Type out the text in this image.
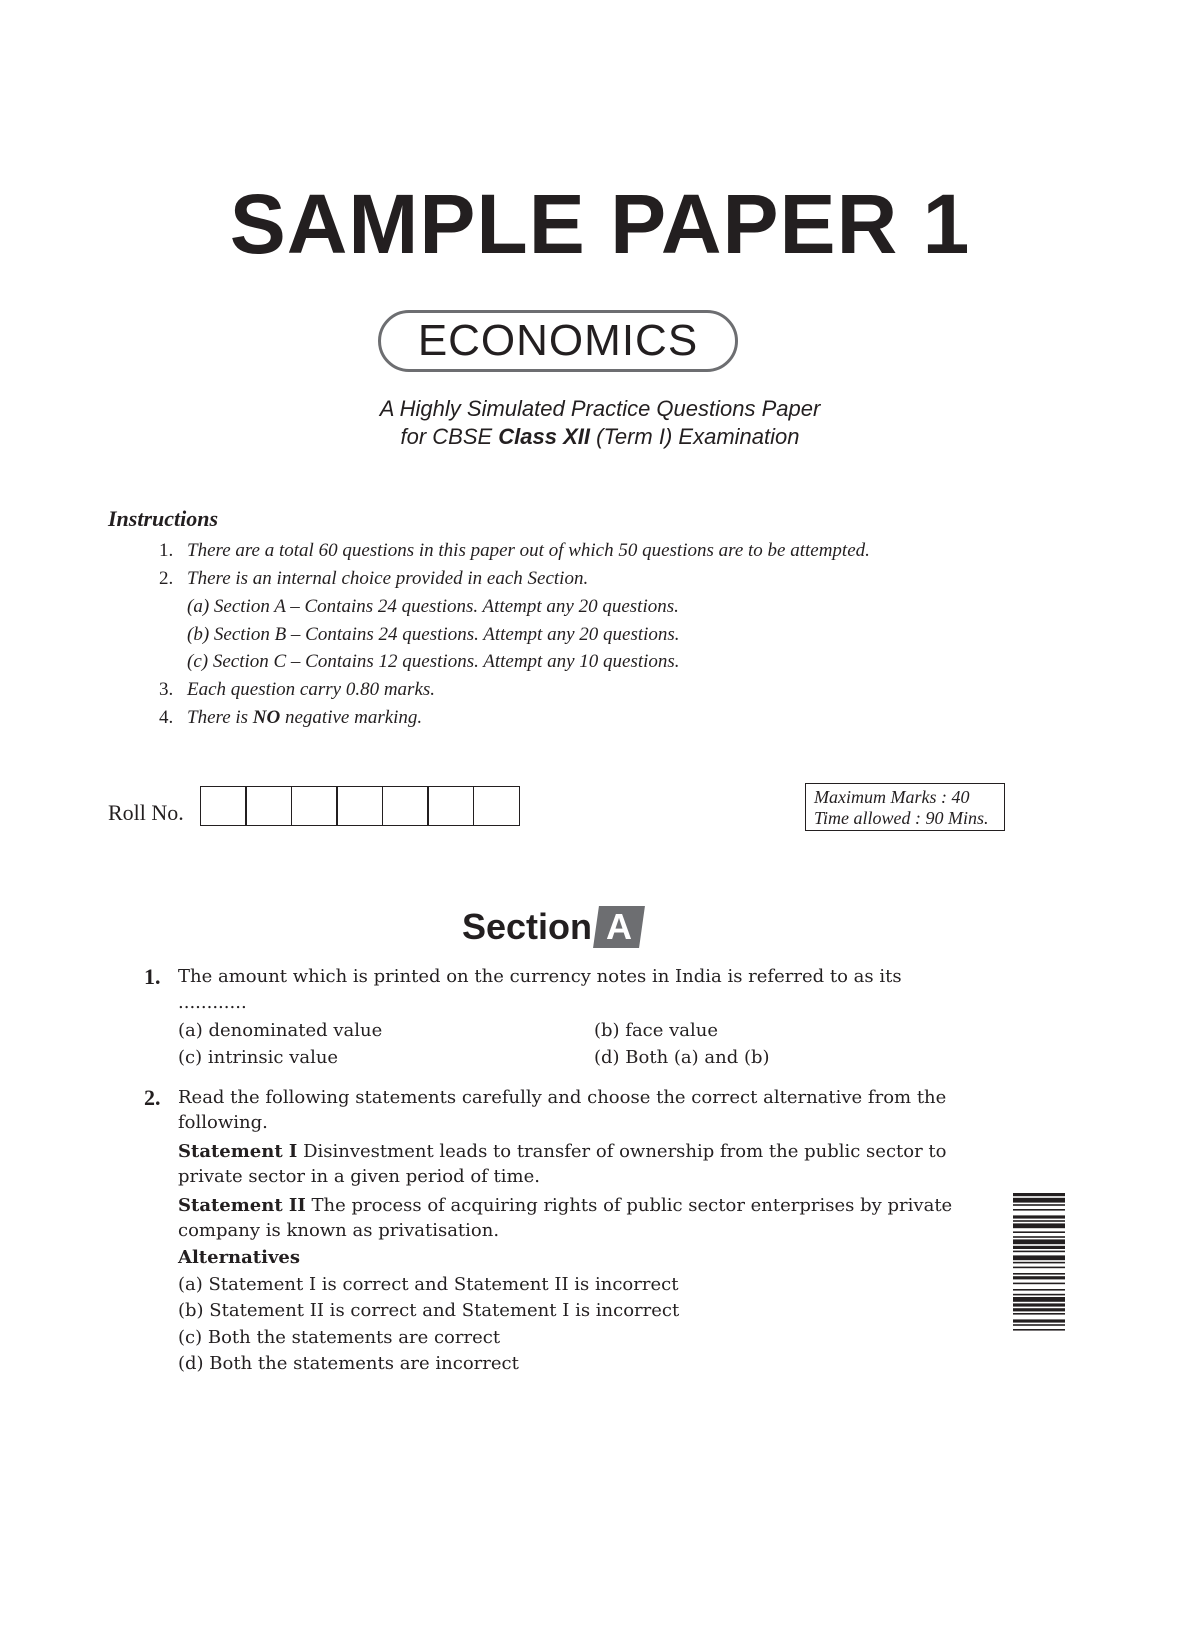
SAMPLE PAPER 1
ECONOMICS
A Highly Simulated Practice Questions Paper
for CBSE Class XII (Term I) Examination
Instructions
1. There are a total 60 questions in this paper out of which 50 questions are to be attempted.
2. There is an internal choice provided in each Section.
(a) Section A – Contains 24 questions. Attempt any 20 questions.
(b) Section B – Contains 24 questions. Attempt any 20 questions.
(c) Section C – Contains 12 questions. Attempt any 10 questions.
3. Each question carry 0.80 marks.
4. There is NO negative marking.
Roll No.
Maximum Marks : 40
Time allowed : 90 Mins.
Section A
1. The amount which is printed on the currency notes in India is referred to as its
............
(a) denominated value	(b) face value
(c) intrinsic value	(d) Both (a) and (b)
2. Read the following statements carefully and choose the correct alternative from the
following.
Statement I Disinvestment leads to transfer of ownership from the public sector to
private sector in a given period of time.
Statement II The process of acquiring rights of public sector enterprises by private
company is known as privatisation.
Alternatives
(a) Statement I is correct and Statement II is incorrect
(b) Statement II is correct and Statement I is incorrect
(c) Both the statements are correct
(d) Both the statements are incorrect
